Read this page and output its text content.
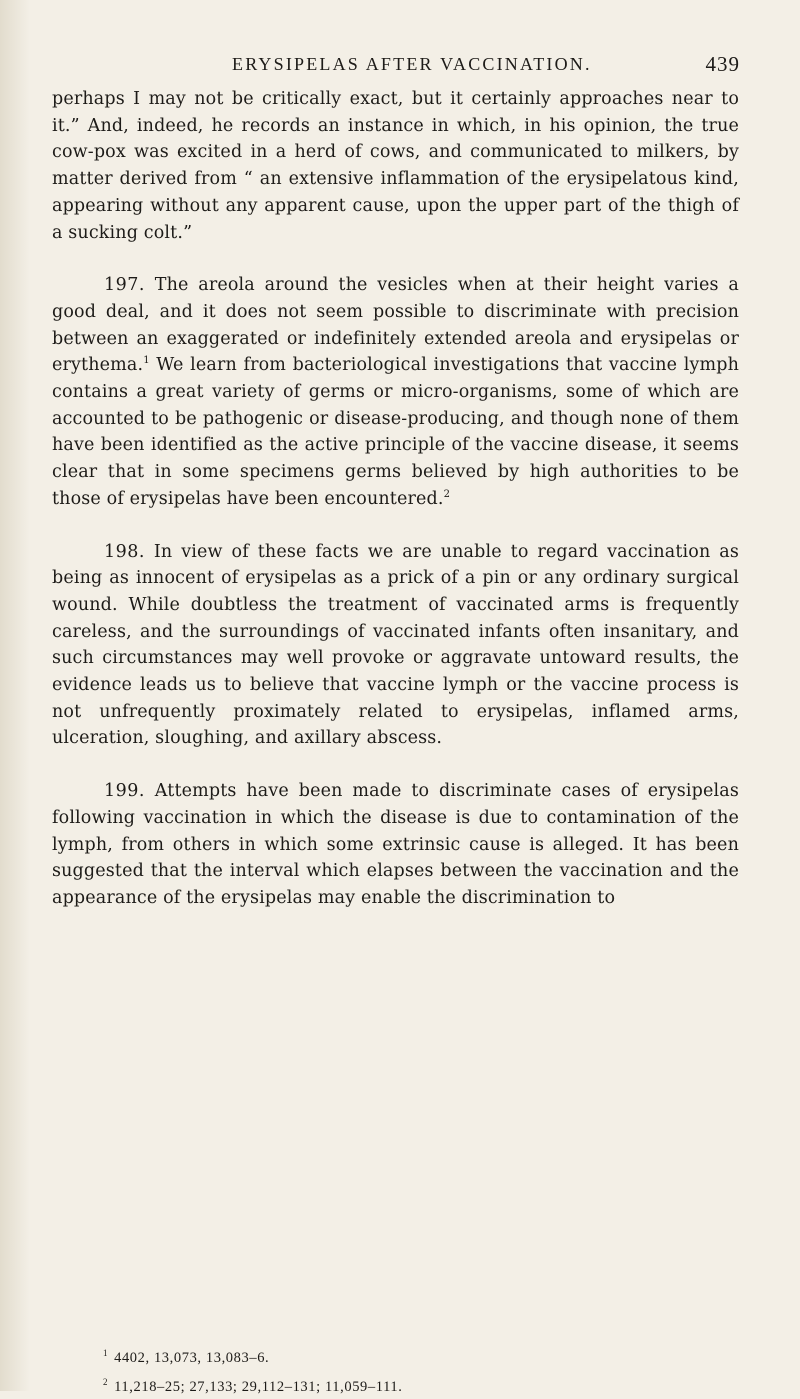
ERYSIPELAS AFTER VACCINATION.	439

perhaps I may not be critically exact, but it certainly approaches near to it.” And, indeed, he records an instance in which, in his opinion, the true cow-pox was excited in a herd of cows, and communicated to milkers, by matter derived from “ an extensive inflammation of the erysipelatous kind, appearing without any apparent cause, upon the upper part of the thigh of a sucking colt.”

197. The areola around the vesicles when at their height varies a good deal, and it does not seem possible to discriminate with precision between an exaggerated or indefinitely extended areola and erysipelas or erythema.$^1$ We learn from bacteriological investigations that vaccine lymph contains a great variety of germs or micro-organisms, some of which are accounted to be pathogenic or disease-producing, and though none of them have been identified as the active principle of the vaccine disease, it seems clear that in some specimens germs believed by high authorities to be those of erysipelas have been encountered.$^2$

198. In view of these facts we are unable to regard vaccination as being as innocent of erysipelas as a prick of a pin or any ordinary surgical wound. While doubtless the treatment of vaccinated arms is frequently careless, and the surroundings of vaccinated infants often insanitary, and such circumstances may well provoke or aggravate untoward results, the evidence leads us to believe that vaccine lymph or the vaccine process is not unfrequently proximately related to erysipelas, inflamed arms, ulceration, sloughing, and axillary abscess.

199. Attempts have been made to discriminate cases of erysipelas following vaccination in which the disease is due to contamination of the lymph, from others in which some extrinsic cause is alleged. It has been suggested that the interval which elapses between the vaccination and the appearance of the erysipelas may enable the discrimination to

$^1$ 4402, 13,073, 13,083–6.
$^2$ 11,218–25; 27,133; 29,112–131; 11,059–111.
